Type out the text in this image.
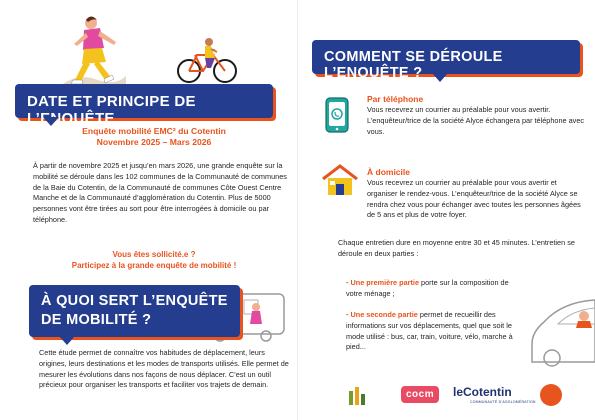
DATE ET PRINCIPE DE L’ENQUÊTE
Enquête mobilité EMC² du Cotentin
Novembre 2025 – Mars 2026

À partir de novembre 2025 et jusqu’en mars 2026, une grande enquête sur la mobilité se déroule dans les 102 communes de la Communauté de communes de la Baie du Cotentin, de la Communauté de communes Côte Ouest Centre Manche et de la Communauté d’agglomération du Cotentin. Plus de 5000 personnes vont être tirées au sort pour être interrogées à domicile ou par téléphone.

Vous êtes sollicité.e ?
Participez à la grande enquête de mobilité !
À QUOI SERT L’ENQUÊTE
DE MOBILITÉ ?

Cette étude permet de connaître vos habitudes de déplacement, leurs origines, leurs destinations et les modes de transports utilisés. Elle permet de mesurer les évolutions dans nos façons de nous déplacer. C’est un outil précieux pour organiser les transports et faciliter vos trajets de demain.

COMMENT SE DÉROULE L’ENQUÊTE ?
Par téléphone

Vous recevrez un courrier au préalable pour vous avertir. L’enquêteur/trice de la société Alyce échangera par téléphone avec vous.

À domicile

Vous recevrez un courrier au préalable pour vous avertir et organiser le rendez-vous. L’enquêteur/trice de la société Alyce se rendra chez vous pour échanger avec toutes les personnes âgées de 5 ans et plus de votre foyer.

Chaque entretien dure en moyenne entre 30 et 45 minutes. L’entretien se déroule en deux parties :

- Une première partie porte sur la composition de votre ménage ;

- Une seconde partie permet de recueillir des informations sur vos déplacements, quel que soit le mode utilisé : bus, car, train, voiture, vélo, marche à pied...

cocm	leCotentin
COMMUNAUTÉ D’AGGLOMÉRATION
